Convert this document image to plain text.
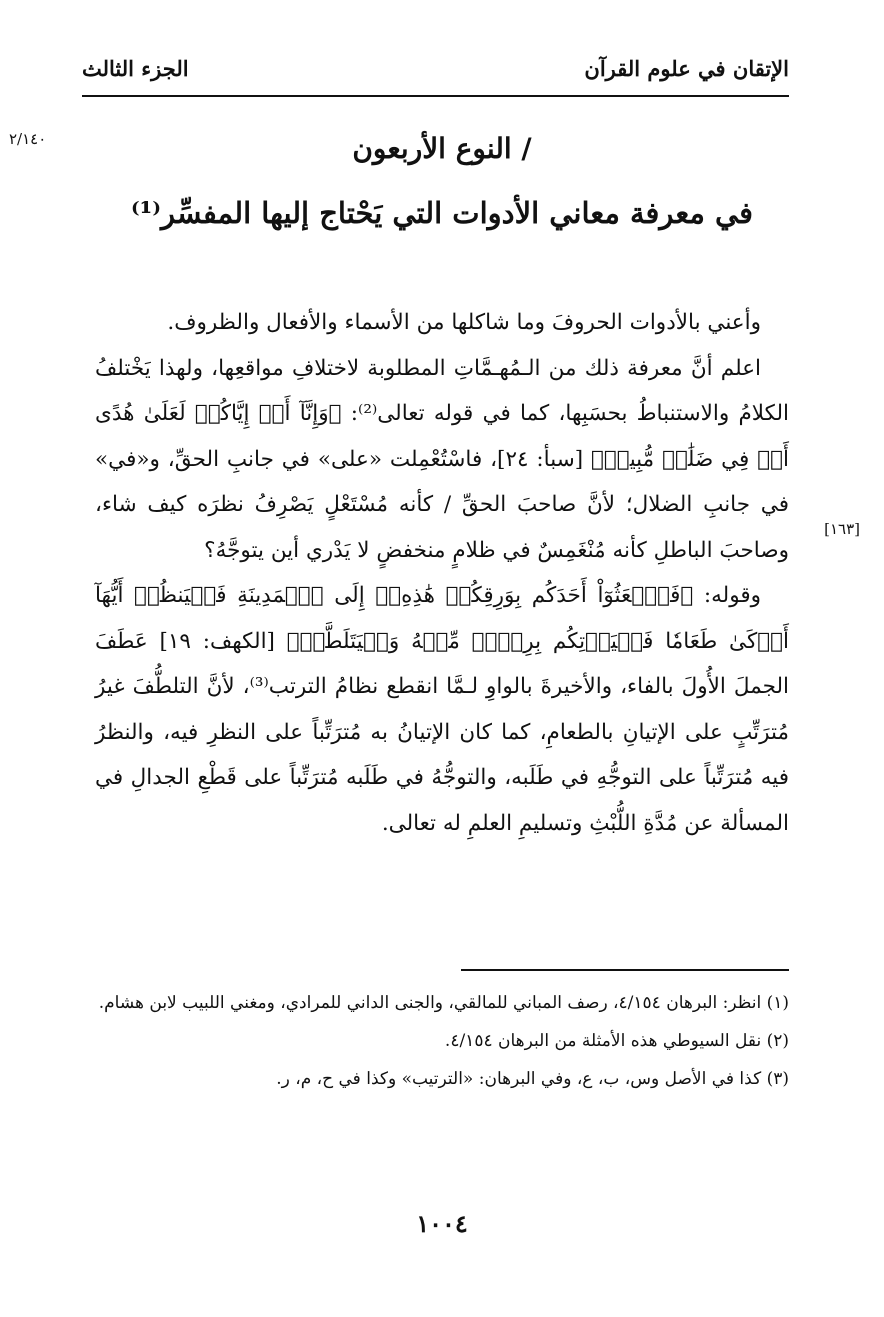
الإتقان في علوم القرآن
الجزء الثالث
٢/١٤٠
[١٦٣]
/ النوع الأربعون
في معرفة معاني الأدوات التي يَحْتاج إليها المفسِّر⁽¹⁾

وأعني بالأدوات الحروفَ وما شاكلها من الأسماء والأفعال والظروف.

اعلم أنَّ معرفة ذلك من الـمُهـمَّاتِ المطلوبة لاختلافِ مواقعِها، ولهذا يَخْتلفُ الكلامُ والاستنباطُ بحسَبِها، كما في قوله تعالى⁽²⁾: ﴿وَإِنَّآ أَوۡ إِيَّاكُمۡ لَعَلَىٰ هُدًى أَوۡ فِي ضَلَٰلٖ مُّبِينٖ﴾ [سبأ: ٢٤]، فاسْتُعْمِلت «على» في جانبِ الحقِّ، و«في» في جانبِ الضلال؛ لأنَّ صاحبَ الحقِّ / كأنه مُسْتَعْلٍ يَصْرِفُ نظرَه كيف شاء، وصاحبَ الباطلِ كأنه مُنْغَمِسٌ في ظلامٍ منخفضٍ لا يَدْري أين يتوجَّهُ؟

وقوله: ﴿فَٱبۡعَثُوٓاْ أَحَدَكُم بِوَرِقِكُمۡ هَٰذِهِۦٓ إِلَى ٱلۡمَدِينَةِ فَلۡيَنظُرۡ أَيُّهَآ أَزۡكَىٰ طَعَامٗا فَلۡيَأۡتِكُم بِرِزۡقٖ مِّنۡهُ وَلۡيَتَلَطَّفۡ﴾ [الكهف: ١٩] عَطَفَ الجملَ الأُولَ بالفاء، والأخيرةَ بالواوِ لـمَّا انقطع نظامُ الترتب⁽³⁾، لأنَّ التلطُّفَ غيرُ مُترَتِّبٍ على الإتيانِ بالطعامِ، كما كان الإتيانُ به مُترَتِّباً على النظرِ فيه، والنظرُ فيه مُترَتِّباً على التوجُّهِ في طَلَبه، والتوجُّهُ في طَلَبه مُترَتِّباً على قَطْعِ الجدالِ في المسألة عن مُدَّةِ اللُّبْثِ وتسليمِ العلمِ له تعالى.

(١) انظر: البرهان ٤/١٥٤، رصف المباني للمالقي، والجنى الداني للمرادي، ومغني اللبيب لابن هشام.

(٢) نقل السيوطي هذه الأمثلة من البرهان ٤/١٥٤.

(٣) كذا في الأصل وس، ب، ع، وفي البرهان: «الترتيب» وكذا في ح، م، ر.

١٠٠٤
